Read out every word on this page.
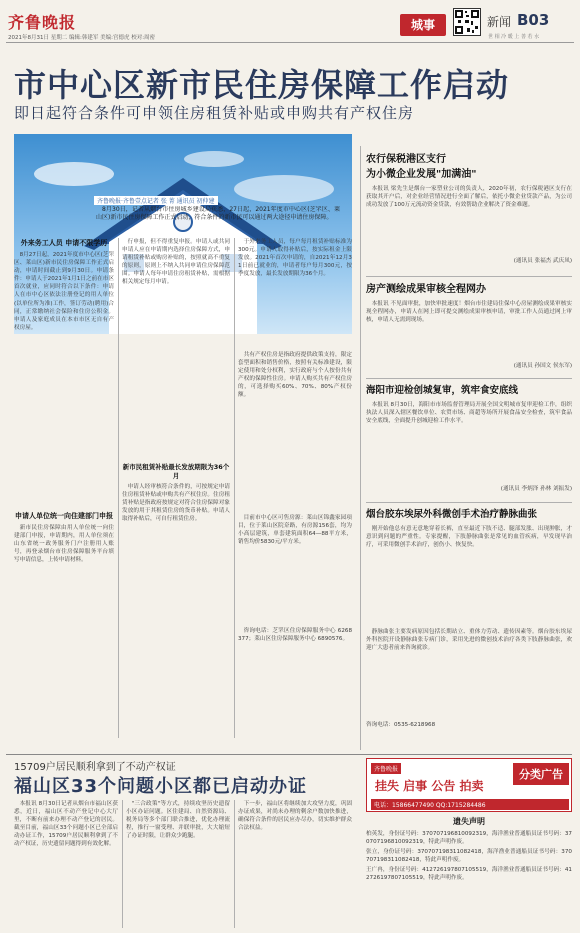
齐鲁晚报
2021年8月31日 星期二 编辑:韩建军 美编:宫德虎 校对:周密
城事	新闻 B03
世 相 冷 暖 上 善 若 水
市中心区新市民住房保障工作启动
即日起符合条件可申领住房租赁补贴或申购共有产权住房
齐鲁晚报·齐鲁壹点记者 张 菁 通讯员 初仲建
8月30日，记者从烟台市住房城乡建设局获悉，27日起，2021年度市中心区(芝罘区、莱山区)新市民住房保障工作正式启动，符合条件的新市民可以通过两大途径申请住房保障。
外来务工人员 申请不限学历
8月27日起，2021年度市中心区(芝罘区、莱山区)新市民住房保障工作正式启动，申请时间截止到9月30日。申请条件：申请人于2021年1月1日之前在市区首次就业，应同时符合以下条件：申请人在市中心区依法注册登记的用人单位(以单位所为准)工作，签订劳动(聘用)合同，正常缴纳社会保险和住房公积金。申请人及家庭成员在本市市区无自有产权房屋。
申请人单位统一向住建部门申报
新市民住房保障由用人单位统一向住建部门申报，申请期内，用人单位须在山东省统一政务服务门户注册用人账号，再登录烟台市住房保障服务平台填写申请信息，上传申请材料。
行申报，但不得重复申报。申请人或共同申请人应在申请期内选择住房保障方式，申请租赁补贴或购房补贴的，按照就高不重复的原则，原则上不纳入共同申请住房保障范围。申请人每年申请住房租赁补贴，需根据相关规定每月申请。
新市民租赁补贴最长发放期限为36个月
申请人经审核符合条件的，可按规定申请住房租赁补贴或申购共有产权住房。住房租赁补贴是指政府按规定对符合住房保障对象发放的用于其租赁住房的货币补贴。申请人取得补贴后，可自行租赁住房。
于外来务工人员，每户每月租赁补贴标准为300元。申请人取得补贴后，按实际租金上限发放。2021年首次申请的，自2021年12月31日前已就业的，申请者每户每月300元，按季度发放，最长发放期限为36个月。
共有产权住房是指政府提供政策支持，限定套型面积和销售价格，按照有关标准建设，限定使用和处分权利，实行政府与个人按份共有产权的保障性住房。申请人购买共有产权住房的，可选择购买60%、70%、80%产权份额。
目前市中心区可售房源：莱山区锦鑫家园项目，位于莱山区院夼路，有房源156套，均为小高层建筑，单套建筑面积64—88平方米，销售均价5830元/平方米。
咨询电话：芝罘区住房保障服务中心 6268377；莱山区住房保障服务中心 6890576。
农行保税港区支行
为小微企业发展"加满油"
本报讯 梁先生是烟台一家塑业公司的负责人，2020年初，农行保税港区支行在获取其开户后，对企业经营情况进行全面了解后，依托小微企业贷款产品，为公司成功发放了100万元流动资金贷款，有效帮助企业解决了资金难题。
(通讯员 张福杰 武庆凤)
房产测绘成果审核全程网办
本报讯 不见面审批，加快审批速度！烟台市住建局住保中心房屋测绘成果审核实现全程网办，申请人在网上即可提交测绘成果审核申请，审批工作人员通过网上审核，申请人无需到现场。
(通讯员 孙国文 侯东军)
海阳市迎检创城复审，筑牢食安底线
本报讯 8月30日，海阳市市场监督管理局开展全国文明城市复审迎检工作，组织执法人员深入辖区餐饮单位、农贸市场、商超等场所开展食品安全检查，筑牢食品安全底线，全面提升创城迎检工作水平。
(通讯员 李炳泽 孙林 刘振发)
烟台胶东埃尿外科微创手术治疗静脉曲张
刚开始他总有意无意地穿着长裤，直至最近下肢不适、腿部发胀、出现肿胀，才意识到问题的严重性。专家提醒，下肢静脉曲张是常见的血管疾病，早发现早治疗，可采用微创手术治疗，创伤小、恢复快。
静脉曲张主要发病原因包括长期站立、重体力劳动、遗传因素等。烟台胶东埃尿外科医院开设静脉曲张专病门诊，采用先进的微创技术治疗各类下肢静脉曲张，欢迎广大患者前来咨询就诊。
咨询电话：0535-6218968
15709户居民顺利拿到了不动产权证
福山区33个问题小区都已启动办证
本报讯 8月30日记者从烟台市福山区获悉，近日，福山区不动产登记中心大厅里，不断有前来办理不动产登记的居民。截至目前，福山区33个问题小区已全部启动办证工作，15709户居民顺利拿到了不动产权证，历史遗留问题得到有效化解。
"三合政策"等方式，持续攻坚历史遗留小区办证问题。区住建局、自然资源局、税务局等多个部门联合推进，优化办理流程，推行一窗受理、并联审批，大大缩短了办证时限，让群众少跑腿。
下一步，福山区将继续加大攻坚力度，巩固办证成果，对尚未办理的剩余户数加快推进，确保符合条件的居民应办尽办，切实维护群众合法权益。
齐鲁晚报
挂失 启事 公告 拍卖
分类广告
电话：15866477490 QQ:1715284486
遗失声明
柏英发，身份证号码：370707196810092319，海洋渔业普通船员证书号码：370707196810092319，特此声明作废。
张立，身份证号码：370707198311082418，海洋渔业普通船员证书号码：370707198311082418，特此声明作废。
王广冉，身份证号码：412726197807105519，海洋渔业普通船员证书号码：412726197807105519，特此声明作废。
